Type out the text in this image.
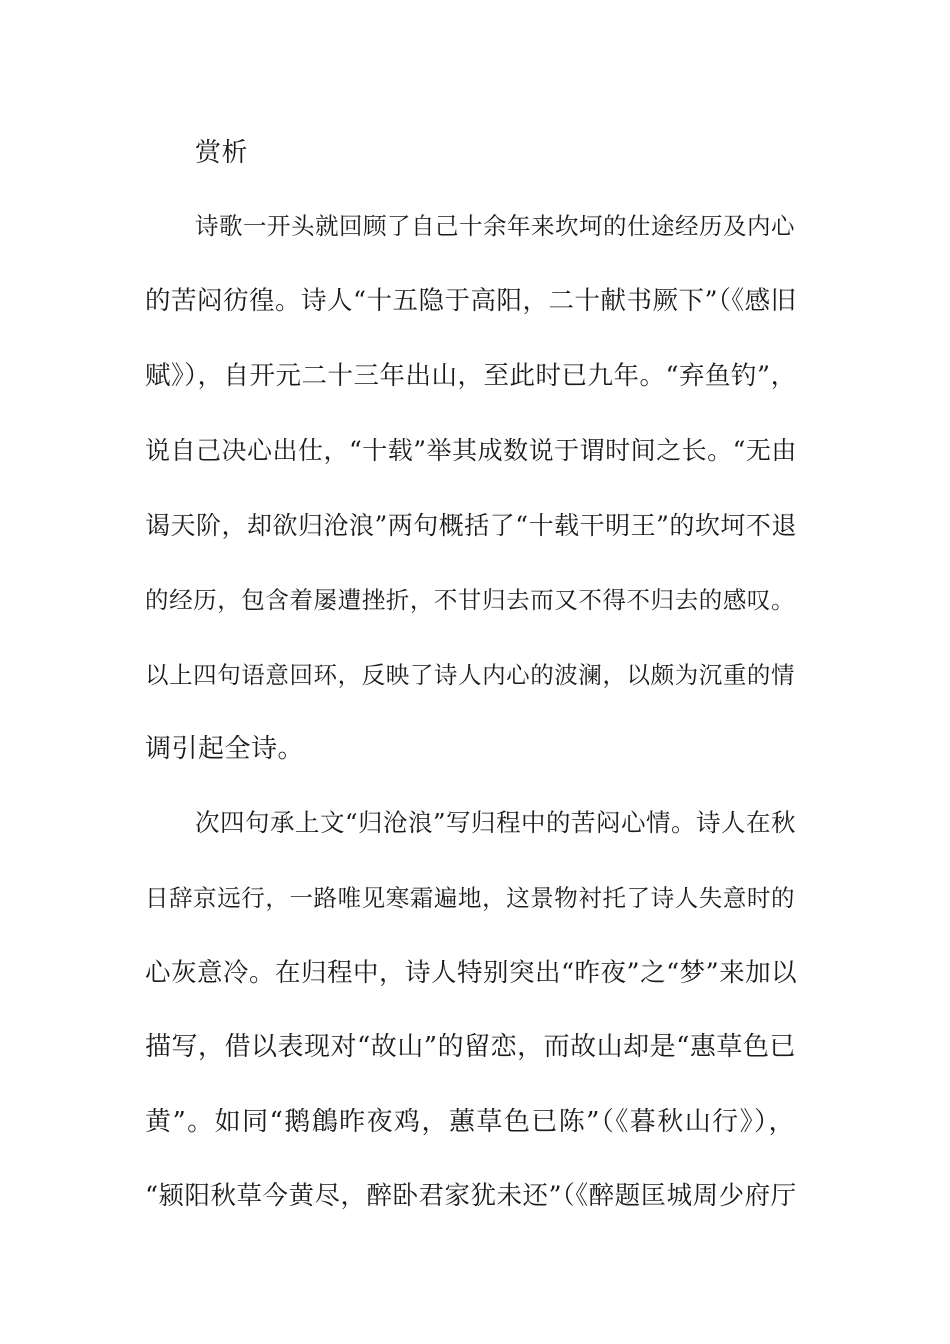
赏析
诗歌一开头就回顾了自己十余年来坎坷的仕途经历及内心
的苦闷彷徨。诗人“十五隐于高阳，二十献书厥下”（《感旧
赋》），自开元二十三年出山，至此时已九年。“弃鱼钓”，
说自己决心出仕，“十载”举其成数说于谓时间之长。“无由
谒天阶，却欲归沧浪”两句概括了“十载干明王”的坎坷不退
的经历，包含着屡遭挫折，不甘归去而又不得不归去的感叹。
以上四句语意回环，反映了诗人内心的波澜，以颇为沉重的情
调引起全诗。
次四句承上文“归沧浪”写归程中的苦闷心情。诗人在秋
日辞京远行，一路唯见寒霜遍地，这景物衬托了诗人失意时的
心灰意冷。在归程中，诗人特别突出“昨夜”之“梦”来加以
描写，借以表现对“故山”的留恋，而故山却是“惠草色已
黄”。如同“鹅鶬昨夜鸡，蕙草色已陈”（《暮秋山行》），
“颍阳秋草今黄尽，醉卧君家犹未还”（《醉题匡城周少府厅
